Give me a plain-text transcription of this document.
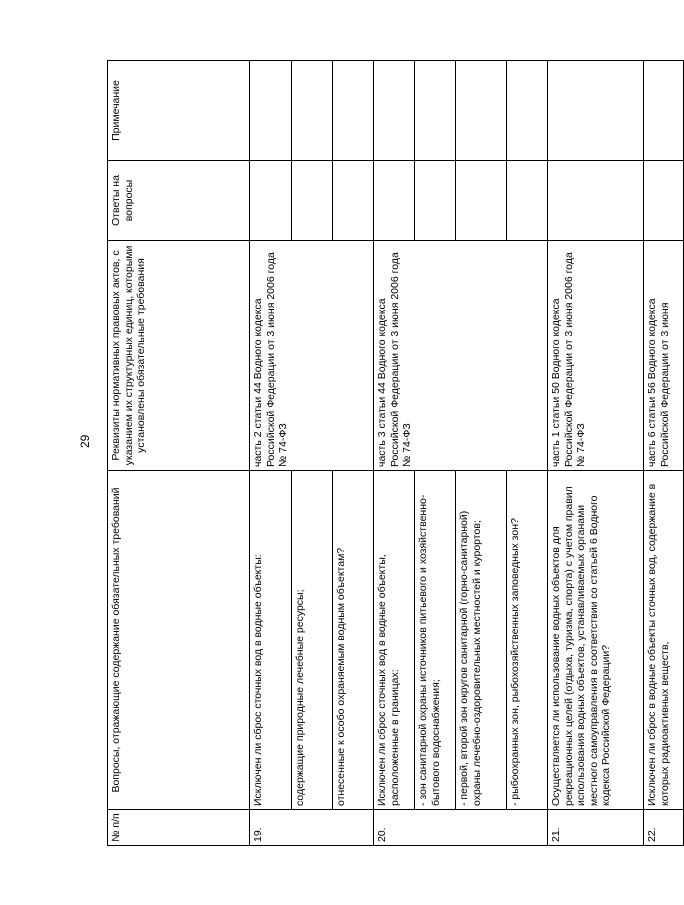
29
№ п/п	Вопросы, отражающие содержание обязательных требований	Реквизиты нормативных правовых актов, с указанием их структурных единиц, которыми установлены обязательные требования	Ответы на вопросы	Примечание
19.	Исключен ли сброс сточных вод в водные объекты:	часть 2 статьи 44 Водного кодекса Российской Федерации от 3 июня 2006 года № 74-ФЗ		
	содержащие природные лечебные ресурсы;			
	отнесенные к особо охраняемым водным объектам?			
20.	Исключен ли сброс сточных вод в водные объекты, расположенные в границах:	часть 3 статьи 44 Водного кодекса Российской Федерации от 3 июня 2006 года № 74-ФЗ		
	- зон санитарной охраны источников питьевого и хозяйственно-бытового водоснабжения;			
	- первой, второй зон округов санитарной (горно-санитарной) охраны лечебно-оздоровительных местностей и курортов;			
	- рыбоохранных зон, рыбохозяйственных заповедных зон?			
21.	Осуществляется ли использование водных объектов для рекреационных целей (отдыха, туризма, спорта) с учетом правил использования водных объектов, устанавливаемых органами местного самоуправления в соответствии со статьей 6 Водного кодекса Российской Федерации?	часть 1 статьи 50 Водного кодекса Российской Федерации от 3 июня 2006 года № 74-ФЗ		
22.	Исключен ли сброс в водные объекты сточных вод, содержание в которых радиоактивных веществ,	часть 6 статьи 56 Водного кодекса Российской Федерации от 3 июня		
